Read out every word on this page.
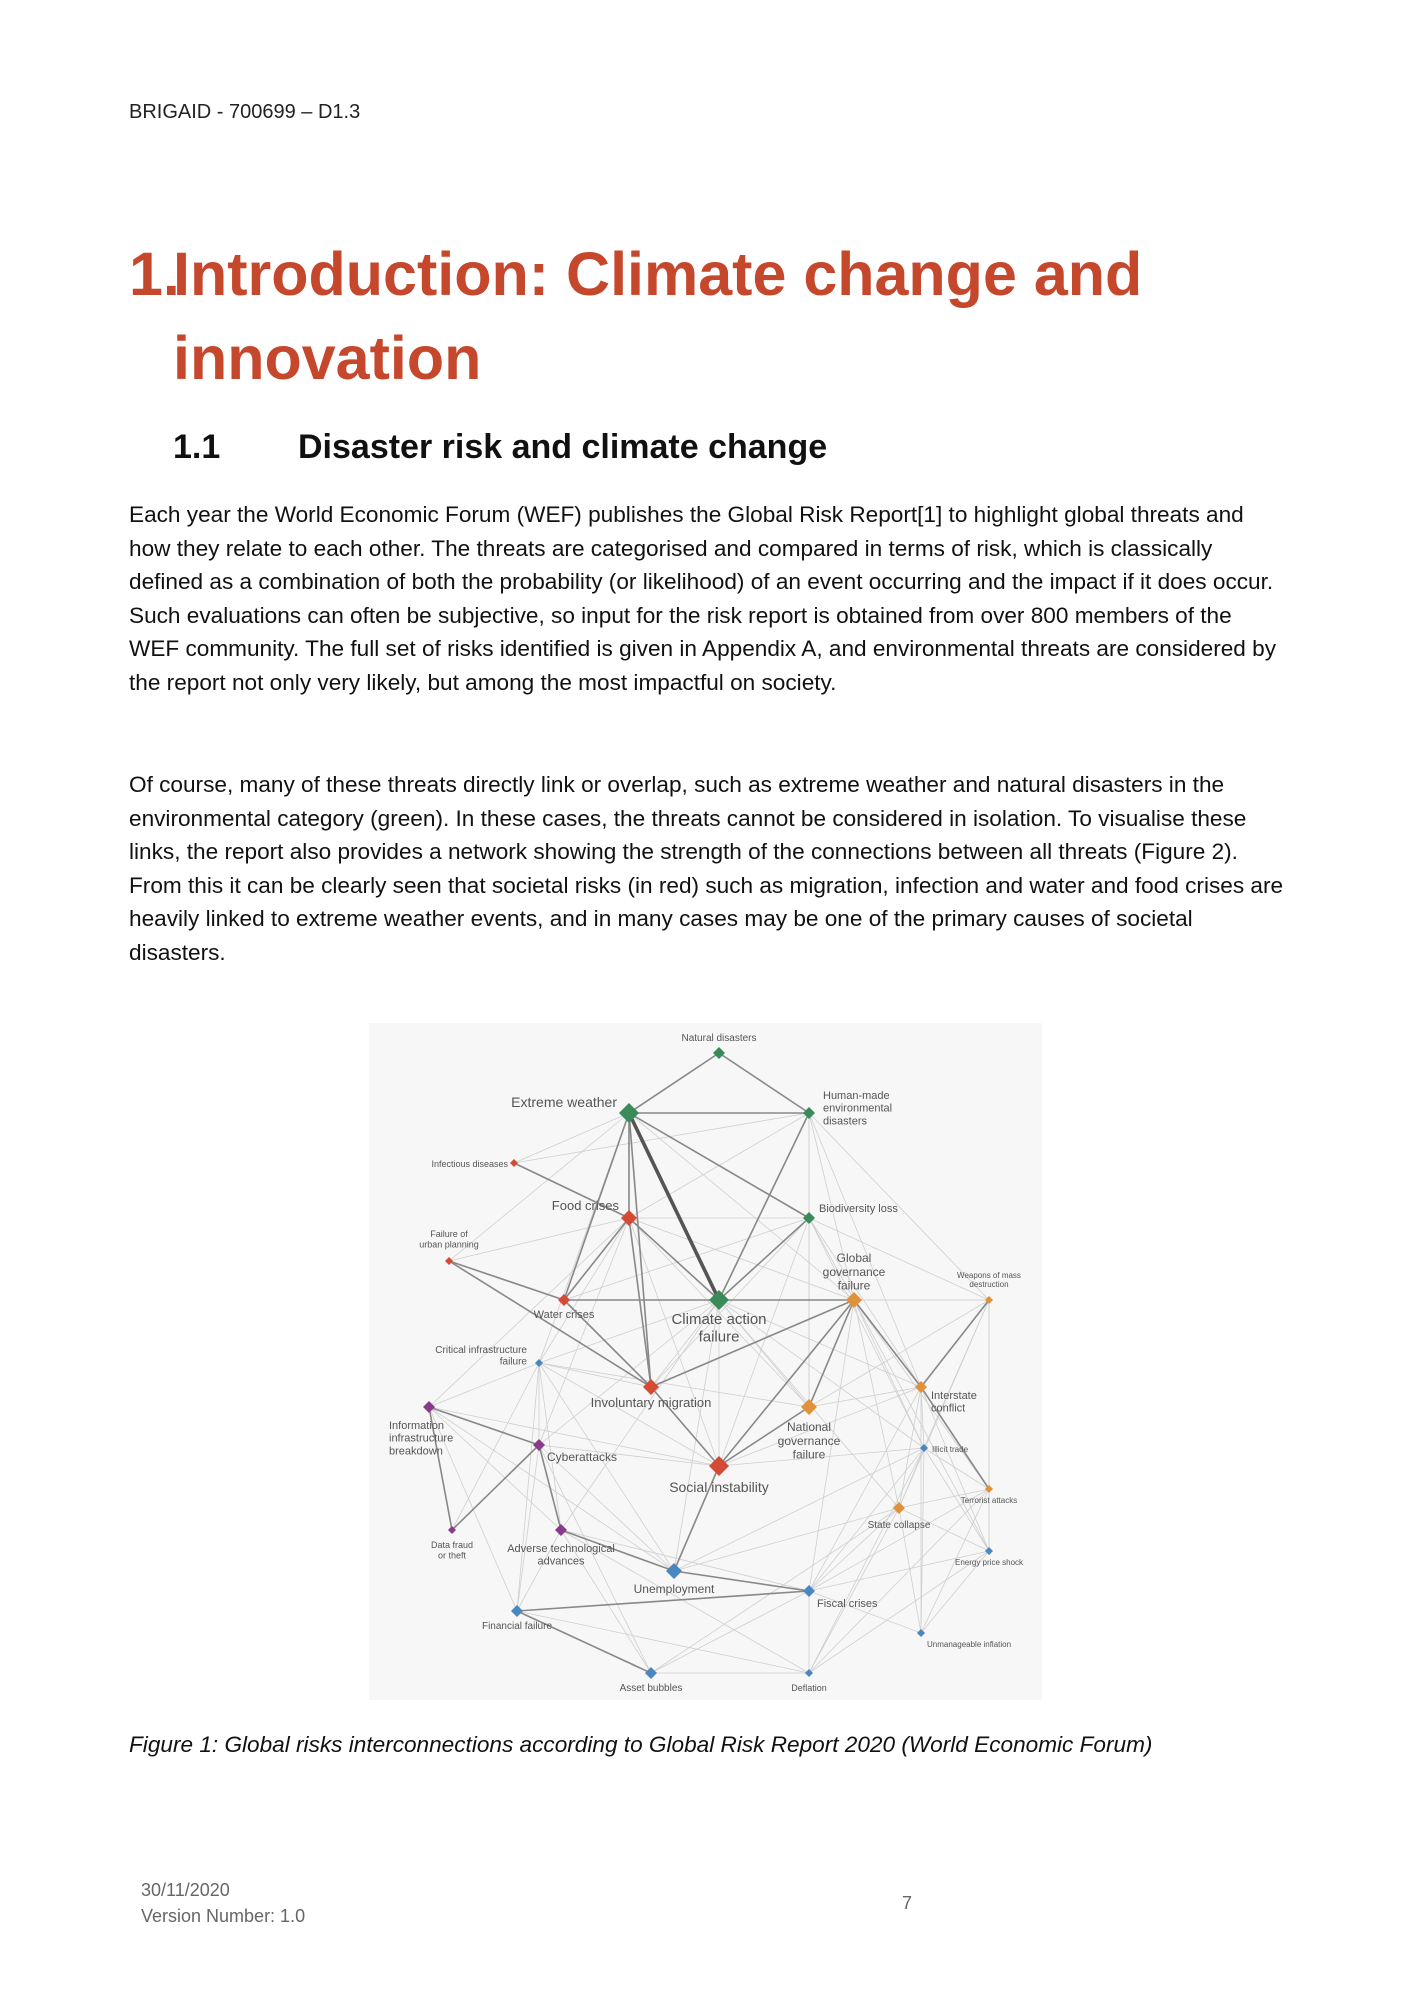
BRIGAID - 700699 – D1.3
1.Introduction: Climate change and
innovation
1.1 Disaster risk and climate change

Each year the World Economic Forum (WEF) publishes the Global Risk Report[1] to highlight global threats and how they relate to each other. The threats are categorised and compared in terms of risk, which is classically defined as a combination of both the probability (or likelihood) of an event occurring and the impact if it does occur. Such evaluations can often be subjective, so input for the risk report is obtained from over 800 members of the WEF community. The full set of risks identified is given in Appendix A, and environmental threats are considered by the report not only very likely, but among the most impactful on society.

Of course, many of these threats directly link or overlap, such as extreme weather and natural disasters in the environmental category (green). In these cases, the threats cannot be considered in isolation. To visualise these links, the report also provides a network showing the strength of the connections between all threats (Figure 2). From this it can be clearly seen that societal risks (in red) such as migration, infection and water and food crises are heavily linked to extreme weather events, and in many cases may be one of the primary causes of societal disasters.

Natural disasters
Extreme weather	Human-made environmental disasters
Infectious diseases
Food crises	Biodiversity loss
Failure of urban planning
Global governance failure
Weapons of mass destruction
Water crises	Climate action failure
Critical infrastructure failure
Involuntary migration	Interstate conflict
Information infrastructure breakdown
National governance failure	Illicit trade
Cyberattacks
Social instability
Terrorist attacks
State collapse
Data fraud or theft
Adverse technological advances	Energy price shock
Unemployment
Fiscal crises
Financial failure
Unmanageable inflation
Asset bubbles	Deflation
Figure 1: Global risks interconnections according to Global Risk Report 2020 (World Economic Forum)
30/11/2020
Version Number: 1.0
7
